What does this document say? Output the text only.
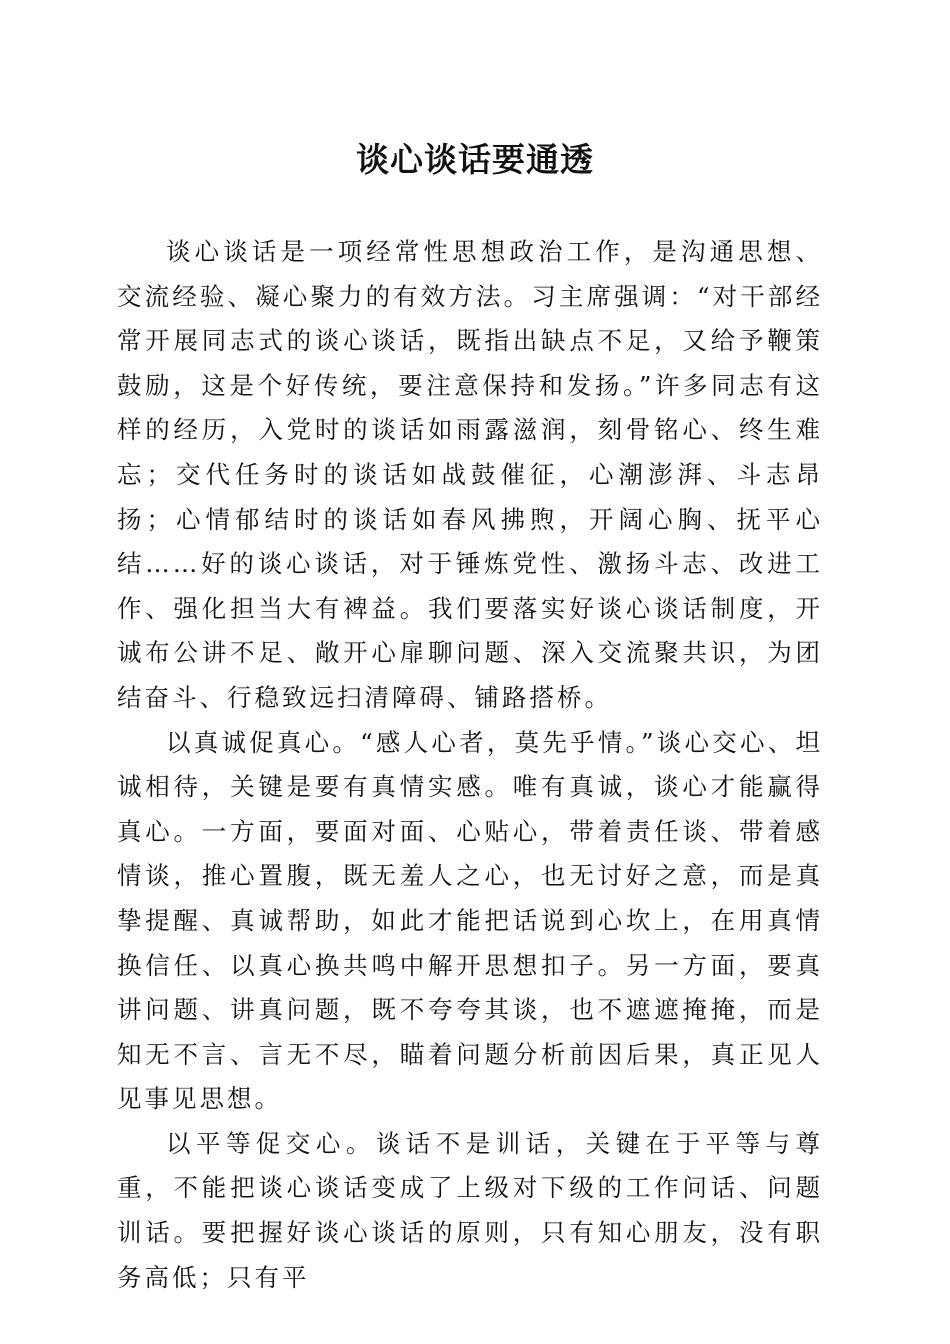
谈心谈话要通透

谈心谈话是一项经常性思想政治工作，是沟通思想、交流经验、凝心聚力的有效方法。习主席强调：“对干部经常开展同志式的谈心谈话，既指出缺点不足，又给予鞭策鼓励，这是个好传统，要注意保持和发扬。”许多同志有这样的经历，入党时的谈话如雨露滋润，刻骨铭心、终生难忘；交代任务时的谈话如战鼓催征，心潮澎湃、斗志昂扬；心情郁结时的谈话如春风拂煦，开阔心胸、抚平心结……好的谈心谈话，对于锤炼党性、激扬斗志、改进工作、强化担当大有裨益。我们要落实好谈心谈话制度，开诚布公讲不足、敞开心扉聊问题、深入交流聚共识，为团结奋斗、行稳致远扫清障碍、铺路搭桥。

以真诚促真心。“感人心者，莫先乎情。”谈心交心、坦诚相待，关键是要有真情实感。唯有真诚，谈心才能赢得真心。一方面，要面对面、心贴心，带着责任谈、带着感情谈，推心置腹，既无羞人之心，也无讨好之意，而是真挚提醒、真诚帮助，如此才能把话说到心坎上，在用真情换信任、以真心换共鸣中解开思想扣子。另一方面，要真讲问题、讲真问题，既不夸夸其谈，也不遮遮掩掩，而是知无不言、言无不尽，瞄着问题分析前因后果，真正见人见事见思想。

以平等促交心。谈话不是训话，关键在于平等与尊重，不能把谈心谈话变成了上级对下级的工作问话、问题训话。要把握好谈心谈话的原则，只有知心朋友，没有职务高低；只有平
